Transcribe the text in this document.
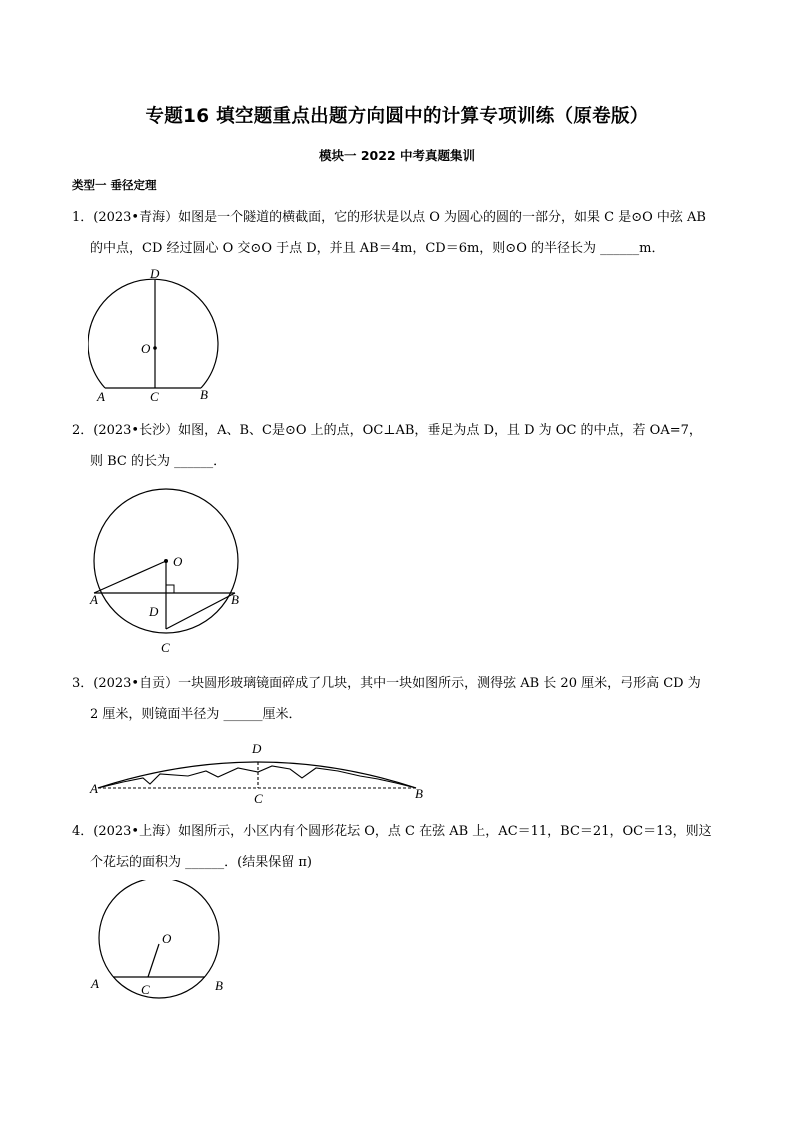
专题16 填空题重点出题方向圆中的计算专项训练（原卷版）
模块一 2022 中考真题集训
类型一 垂径定理
1．(2023•青海）如图是一个隧道的横截面，它的形状是以点 O 为圆心的圆的一部分，如果 C 是⊙O 中弦 AB
的中点，CD 经过圆心 O 交⊙O 于点 D，并且 AB＝4m，CD＝6m，则⊙O 的半径长为 ______m．
D
O
A	C	B
2．(2023•长沙）如图，A、B、C是⊙O 上的点，OC⊥AB，垂足为点 D，且 D 为 OC 的中点，若 OA=7，
则 BC 的长为 ______．
O
A	B
D
C
3．(2023•自贡）一块圆形玻璃镜面碎成了几块，其中一块如图所示，测得弦 AB 长 20 厘米，弓形高 CD 为
2 厘米，则镜面半径为 ______厘米．
D
A
C	B
4．(2023•上海）如图所示，小区内有个圆形花坛 O，点 C 在弦 AB 上，AC＝11，BC＝21，OC＝13，则这
个花坛的面积为 ______．(结果保留 π)
O
A	C	B
